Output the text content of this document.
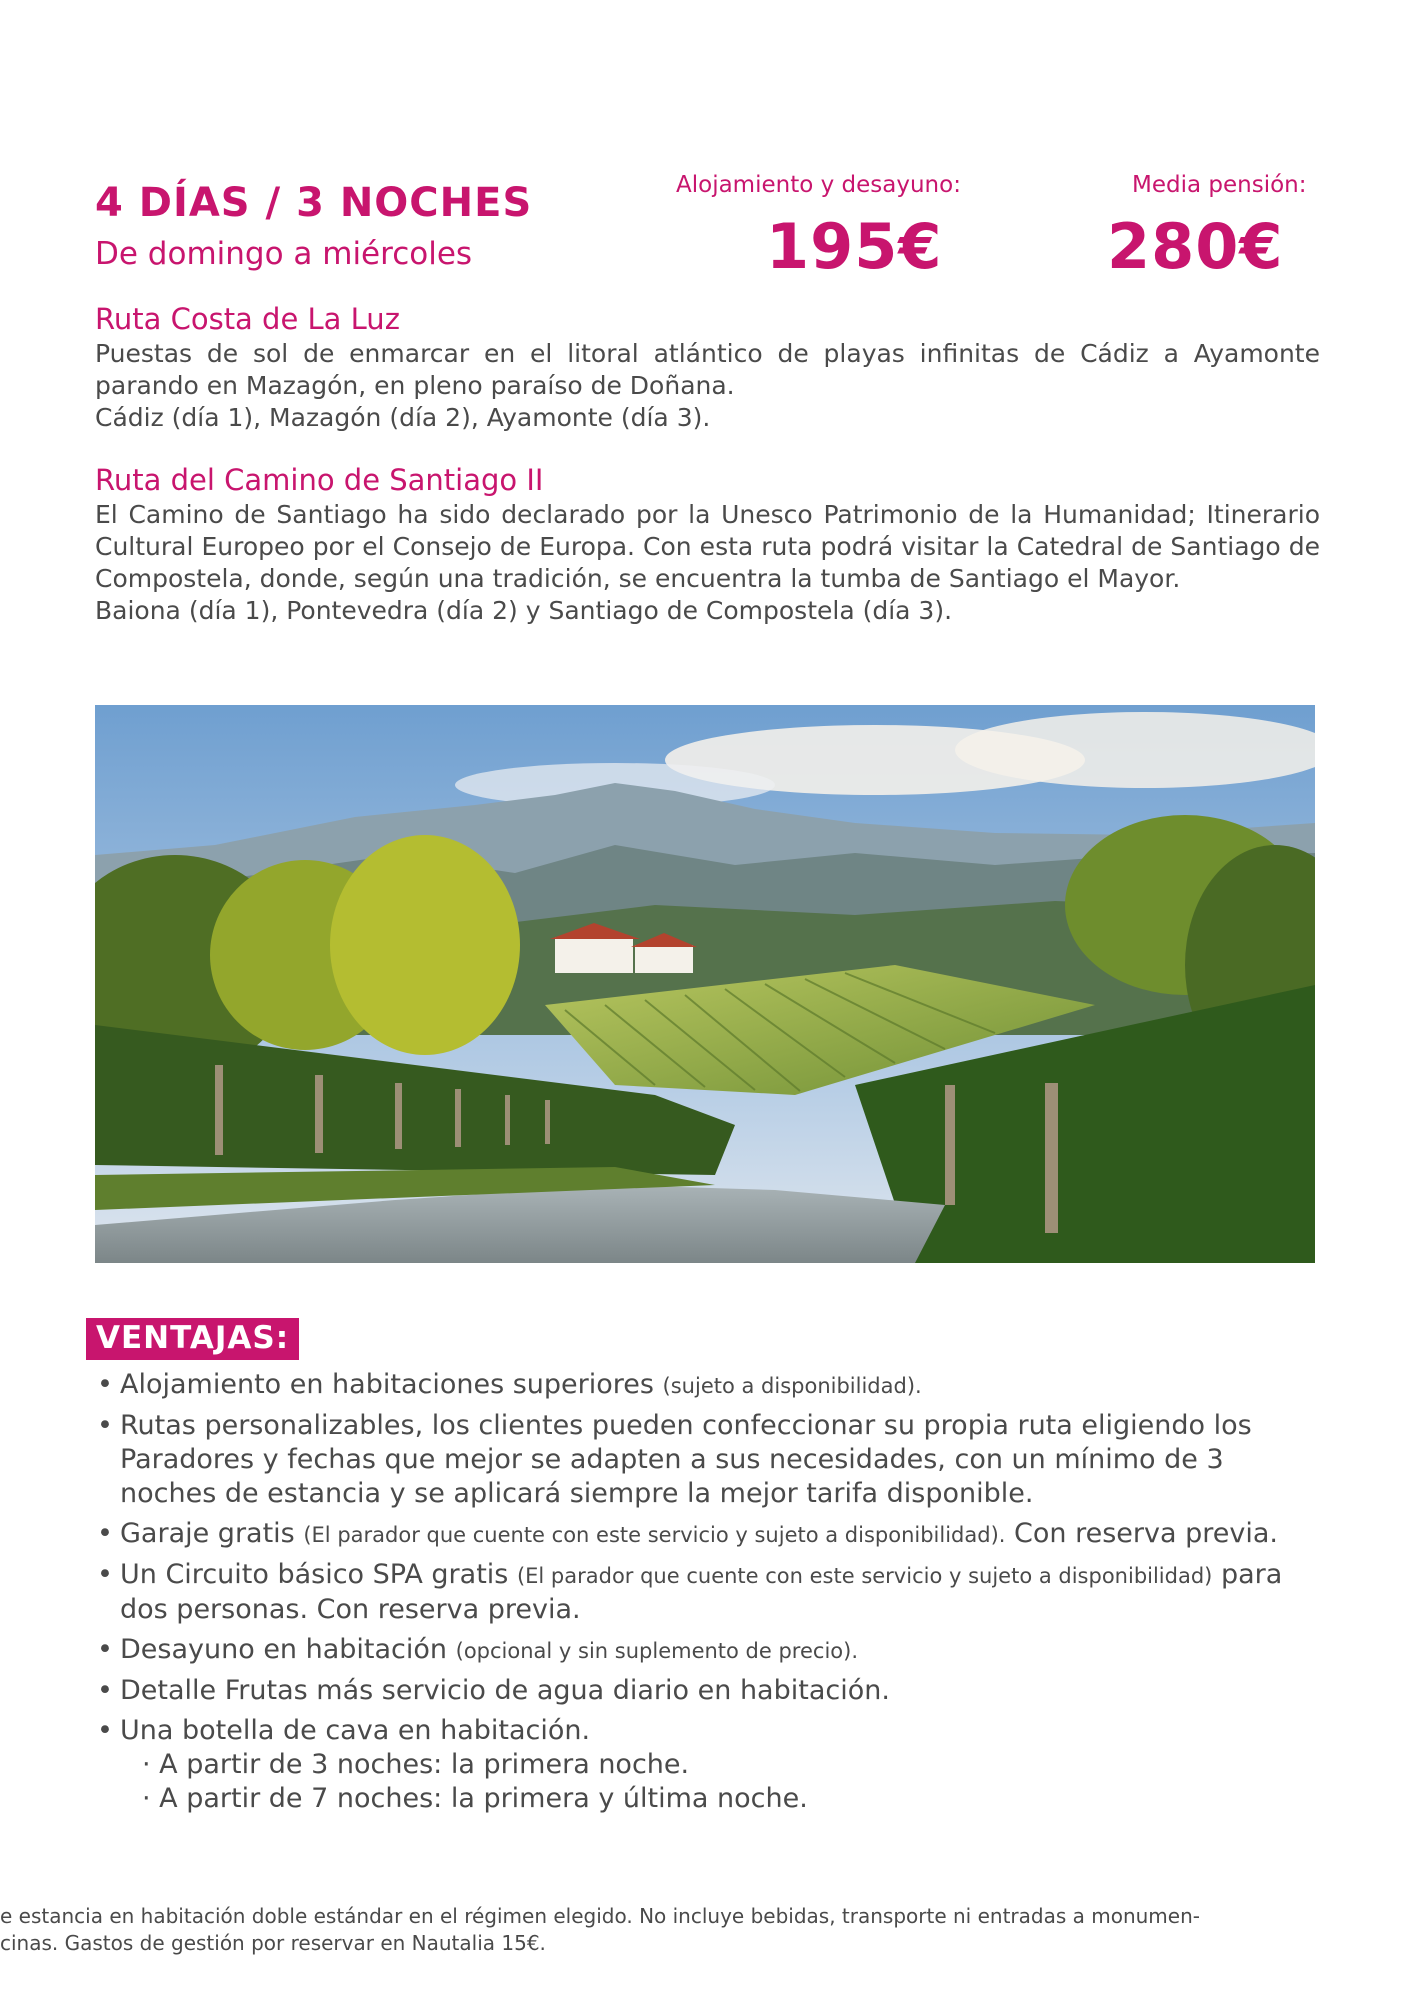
4 DÍAS / 3 NOCHES
De domingo a miércoles
Alojamiento y desayuno:
195€
Media pensión:
280€
Ruta Costa de La Luz

Puestas de sol de enmarcar en el litoral atlántico de playas infinitas de Cádiz a Ayamonte parando en Mazagón, en pleno paraíso de Doñana.

Cádiz (día 1), Mazagón (día 2), Ayamonte (día 3).

Ruta del Camino de Santiago II

El Camino de Santiago ha sido declarado por la Unesco Patrimonio de la Humanidad; Itinerario Cultural Europeo por el Consejo de Europa. Con esta ruta podrá visitar la Catedral de Santiago de Compostela, donde, según una tradición, se encuentra la tumba de Santiago el Mayor.

Baiona (día 1), Pontevedra (día 2) y Santiago de Compostela (día 3).

VENTAJAS:
• Alojamiento en habitaciones superiores (sujeto a disponibilidad).
• Rutas personalizables, los clientes pueden confeccionar su propia ruta eligiendo los Paradores y fechas que mejor se adapten a sus necesidades, con un mínimo de 3 noches de estancia y se aplicará siempre la mejor tarifa disponible.
• Garaje gratis (El parador que cuente con este servicio y sujeto a disponibilidad). Con reserva previa.
• Un Circuito básico SPA gratis (El parador que cuente con este servicio y sujeto a disponibilidad) para dos personas. Con reserva previa.
• Desayuno en habitación (opcional y sin suplemento de precio).
• Detalle Frutas más servicio de agua diario en habitación.
• Una botella de cava en habitación.
· A partir de 3 noches: la primera noche.
· A partir de 7 noches: la primera y última noche.
e estancia en habitación doble estándar en el régimen elegido. No incluye bebidas, transporte ni entradas a monumen-
cinas. Gastos de gestión por reservar en Nautalia 15€.
